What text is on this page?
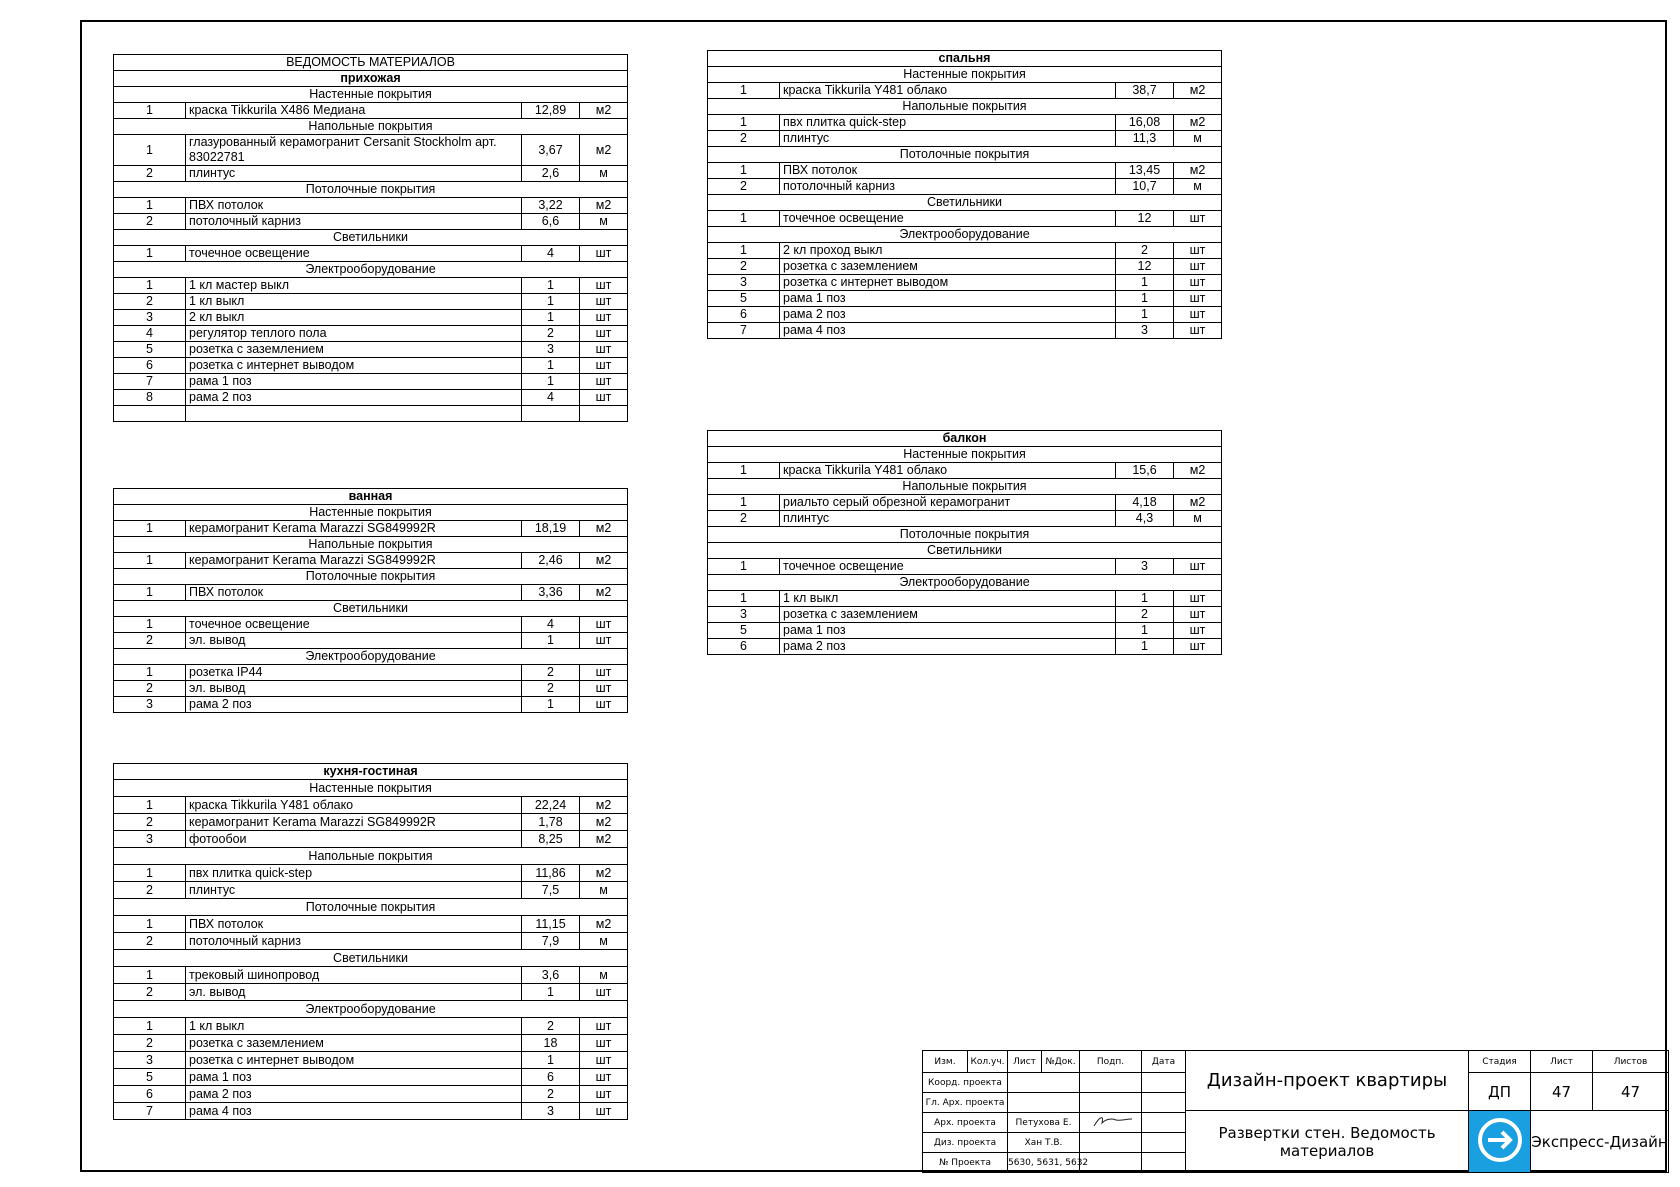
ВЕДОМОСТЬ МАТЕРИАЛОВ			
прихожая			
Настенные покрытия			
1	краска Tikkurila X486 Медиана	12,89	м2
Напольные покрытия			
1	глазурованный керамогранит Cersanit Stockholm арт. 83022781	3,67	м2
2	плинтус	2,6	м
Потолочные покрытия			
1	ПВХ потолок	3,22	м2
2	потолочный карниз	6,6	м
Светильники			
1	точечное освещение	4	шт
Электрооборудование			
1	1 кл мастер выкл	1	шт
2	1 кл выкл	1	шт
3	2 кл выкл	1	шт
4	регулятор теплого пола	2	шт
5	розетка с заземлением	3	шт
6	розетка с интернет выводом	1	шт
7	рама 1 поз	1	шт
8	рама 2 поз	4	шт

ванная			
Настенные покрытия			
1	керамогранит Kerama Marazzi SG849992R	18,19	м2
Напольные покрытия			
1	керамогранит Kerama Marazzi SG849992R	2,46	м2
Потолочные покрытия			
1	ПВХ потолок	3,36	м2
Светильники			
1	точечное освещение	4	шт
2	эл. вывод	1	шт
Электрооборудование			
1	розетка IP44	2	шт
2	эл. вывод	2	шт
3	рама 2 поз	1	шт
кухня-гостиная			
Настенные покрытия			
1	краска Tikkurila Y481 облако	22,24	м2
2	керамогранит Kerama Marazzi SG849992R	1,78	м2
3	фотообои	8,25	м2
Напольные покрытия			
1	пвх плитка quick-step	11,86	м2
2	плинтус	7,5	м
Потолочные покрытия			
1	ПВХ потолок	11,15	м2
2	потолочный карниз	7,9	м
Светильники			
1	трековый шинопровод	3,6	м
2	эл. вывод	1	шт
Электрооборудование			
1	1 кл выкл	2	шт
2	розетка с заземлением	18	шт
3	розетка с интернет выводом	1	шт
5	рама 1 поз	6	шт
6	рама 2 поз	2	шт
7	рама 4 поз	3	шт
спальня			
Настенные покрытия			
1	краска Tikkurila Y481 облако	38,7	м2
Напольные покрытия			
1	пвх плитка quick-step	16,08	м2
2	плинтус	11,3	м
Потолочные покрытия			
1	ПВХ потолок	13,45	м2
2	потолочный карниз	10,7	м
Светильники			
1	точечное освещение	12	шт
Электрооборудование			
1	2 кл проход выкл	2	шт
2	розетка с заземлением	12	шт
3	розетка с интернет выводом	1	шт
5	рама 1 поз	1	шт
6	рама 2 поз	1	шт
7	рама 4 поз	3	шт
балкон			
Настенные покрытия			
1	краска Tikkurila Y481 облако	15,6	м2
Напольные покрытия			
1	риальто серый обрезной керамогранит	4,18	м2
2	плинтус	4,3	м
Потолочные покрытия			
Светильники			
1	точечное освещение	3	шт
Электрооборудование			
1	1 кл выкл	1	шт
3	розетка с заземлением	2	шт
5	рама 1 поз	1	шт
6	рама 2 поз	1	шт
Изм.	Кол.уч.	Лист	№Док.	Подп.	Дата
Коорд. проекта					
Гл. Арх. проекта					
Арх. проекта		Петухова Е.		
Диз. проекта		Хан Т.В.			
№ Проекта		5630, 5631, 5632			
Дизайн-проект квартиры	Стадия	Лист	Листов
	ДП	47	47
Развертки стен. Ведомость материалов		Экспресс-Дизайн	
